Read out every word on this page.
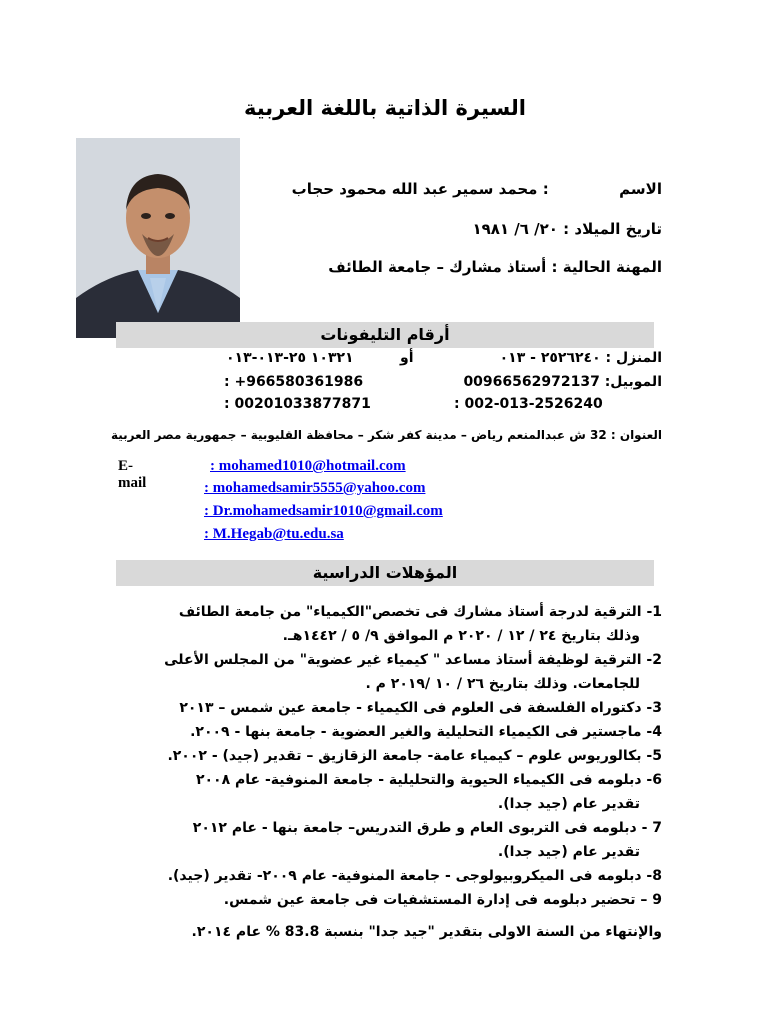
السيرة الذاتية باللغة العربية
الاسم  : محمد سمير عبد الله محمود حجاب
تاريخ الميلاد : ٢٠/ ٦/ ١٩٨١
المهنة الحالية : أستاذ مشارك – جامعة الطائف
أرقام التليفونات
المنزل : ٢٥٢٦٢٤٠ - ٠١٣
أو
١٠٣٢١ ٢٥-٠١٣-٠١٣
الموبيل: 00966562972137
: +966580361986
: 002-013-2526240
: 00201033877871
العنوان : 32 ش عبدالمنعم رياض – مدينة كفر شكر – محافظة القليوبية – جمهورية مصر العربية
E-mail
: mohamed1010@hotmail.com
: mohamedsamir5555@yahoo.com
: Dr.mohamedsamir1010@gmail.com
: M.Hegab@tu.edu.sa
المؤهلات الدراسية

1- الترقية لدرجة أستاذ مشارك فى تخصص"الكيمياء" من جامعة الطائف

وذلك بتاريخ ٢٤ / ١٢ / ٢٠٢٠ م الموافق ٩/ ٥ / ١٤٤٢هـ.

2- الترقية لوظيفة أستاذ مساعد " كيمياء غير عضوية" من المجلس الأعلى

للجامعات. وذلك بتاريخ ٢٦ / ١٠ /٢٠١٩ م .

3- دكتوراه الفلسفة فى العلوم فى الكيمياء - جامعة عين شمس – ٢٠١٣

4- ماجستير فى الكيمياء التحليلية والغير العضوية - جامعة بنها - ٢٠٠٩.

5- بكالوريوس علوم – كيمياء عامة- جامعة الزقازيق – تقدير (جيد) - ٢٠٠٢.

6- دبلومه فى الكيمياء الحيوية والتحليلية - جامعة المنوفية- عام ٢٠٠٨

تقدير عام (جيد جدا).

7 - دبلومه فى التربوى العام و طرق التدريس– جامعة بنها - عام ٢٠١٢

تقدير عام (جيد جدا).

8- دبلومه فى الميكروبيولوجى - جامعة المنوفية- عام ٢٠٠٩- تقدير (جيد).

9 – تحضير دبلومه فى إدارة المستشفيات فى جامعة عين شمس.

والإنتهاء من السنة الاولى بتقدير "جيد جدا" بنسبة 83.8 % عام ٢٠١٤.
